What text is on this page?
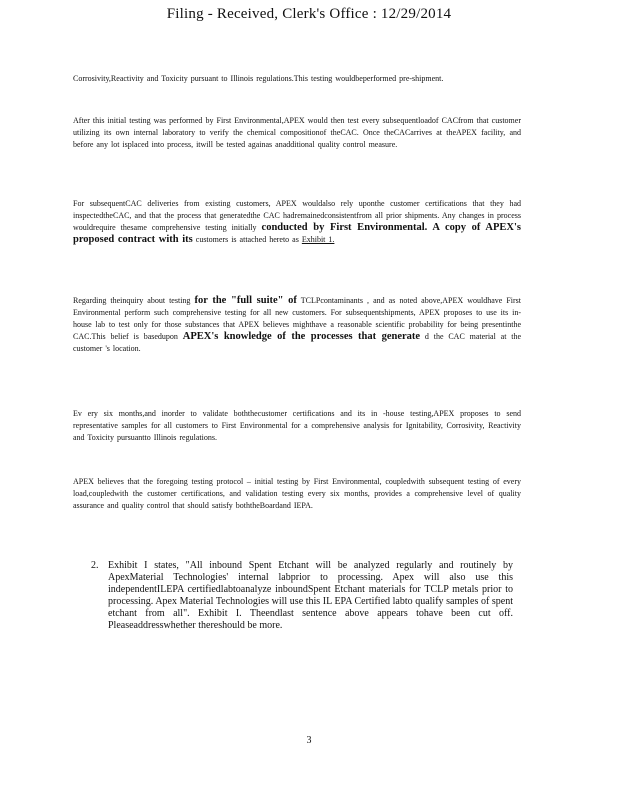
Filing - Received, Clerk's Office : 12/29/2014
Corrosivity,Reactivity and Toxicity pursuant to Illinois regulations.This testing wouldbeperformed pre-shipment.
After this initial testing was performed by First Environmental,APEX would then test every subsequentloadof CACfrom that customer utilizing its own internal laboratory to verify the chemical compositionof theCAC. Once theCACarrives at theAPEX facility, and before any lot isplaced into process, itwill be tested againas anadditional quality control measure.
For subsequentCAC deliveries from existing customers, APEX wouldalso rely uponthe customer certifications that they had inspectedtheCAC, and that the process that generatedthe CAC hadremainedconsistentfrom all prior shipments. Any changes in process wouldrequire thesame comprehensive testing initially conducted by First Environmental. A copy of APEX's proposed contract with its customers is attached hereto as Exhibit 1.
Regarding theinquiry about testing for the "full suite" of TCLPcontaminants , and as noted above,APEX wouldhave First Environmental perform such comprehensive testing for all new customers. For subsequentshipments, APEX proposes to use its in-house lab to test only for those substances that APEX believes mighthave a reasonable scientific probability for being presentinthe CAC.This belief is basedupon APEX's knowledge of the processes that generate d the CAC material at the customer 's location.
Ev ery six months,and inorder to validate boththecustomer certifications and its in -house testing,APEX proposes to send representative samples for all customers to First Environmental for a comprehensive analysis for Ignitability, Corrosivity, Reactivity and Toxicity pursuantto Illinois regulations.
APEX believes that the foregoing testing protocol – initial testing by First Environmental, coupledwith subsequent testing of every load,coupledwith the customer certifications, and validation testing every six months, provides a comprehensive level of quality assurance and quality control that should satisfy boththeBoardand IEPA.
2. Exhibit I states, "All inbound Spent Etchant will be analyzed regularly and routinely by ApexMaterial Technologies' internal labprior to processing. Apex will also use this independentILEPA certifiedlabtoanalyze inboundSpent Etchant materials for TCLP metals prior to processing. Apex Material Technologies will use this IL EPA Certified labto qualify samples of spent etchant from all". Exhibit I. Theendlast sentence above appears tohave been cut off. Pleaseaddresswhether thereshould be more.
3
